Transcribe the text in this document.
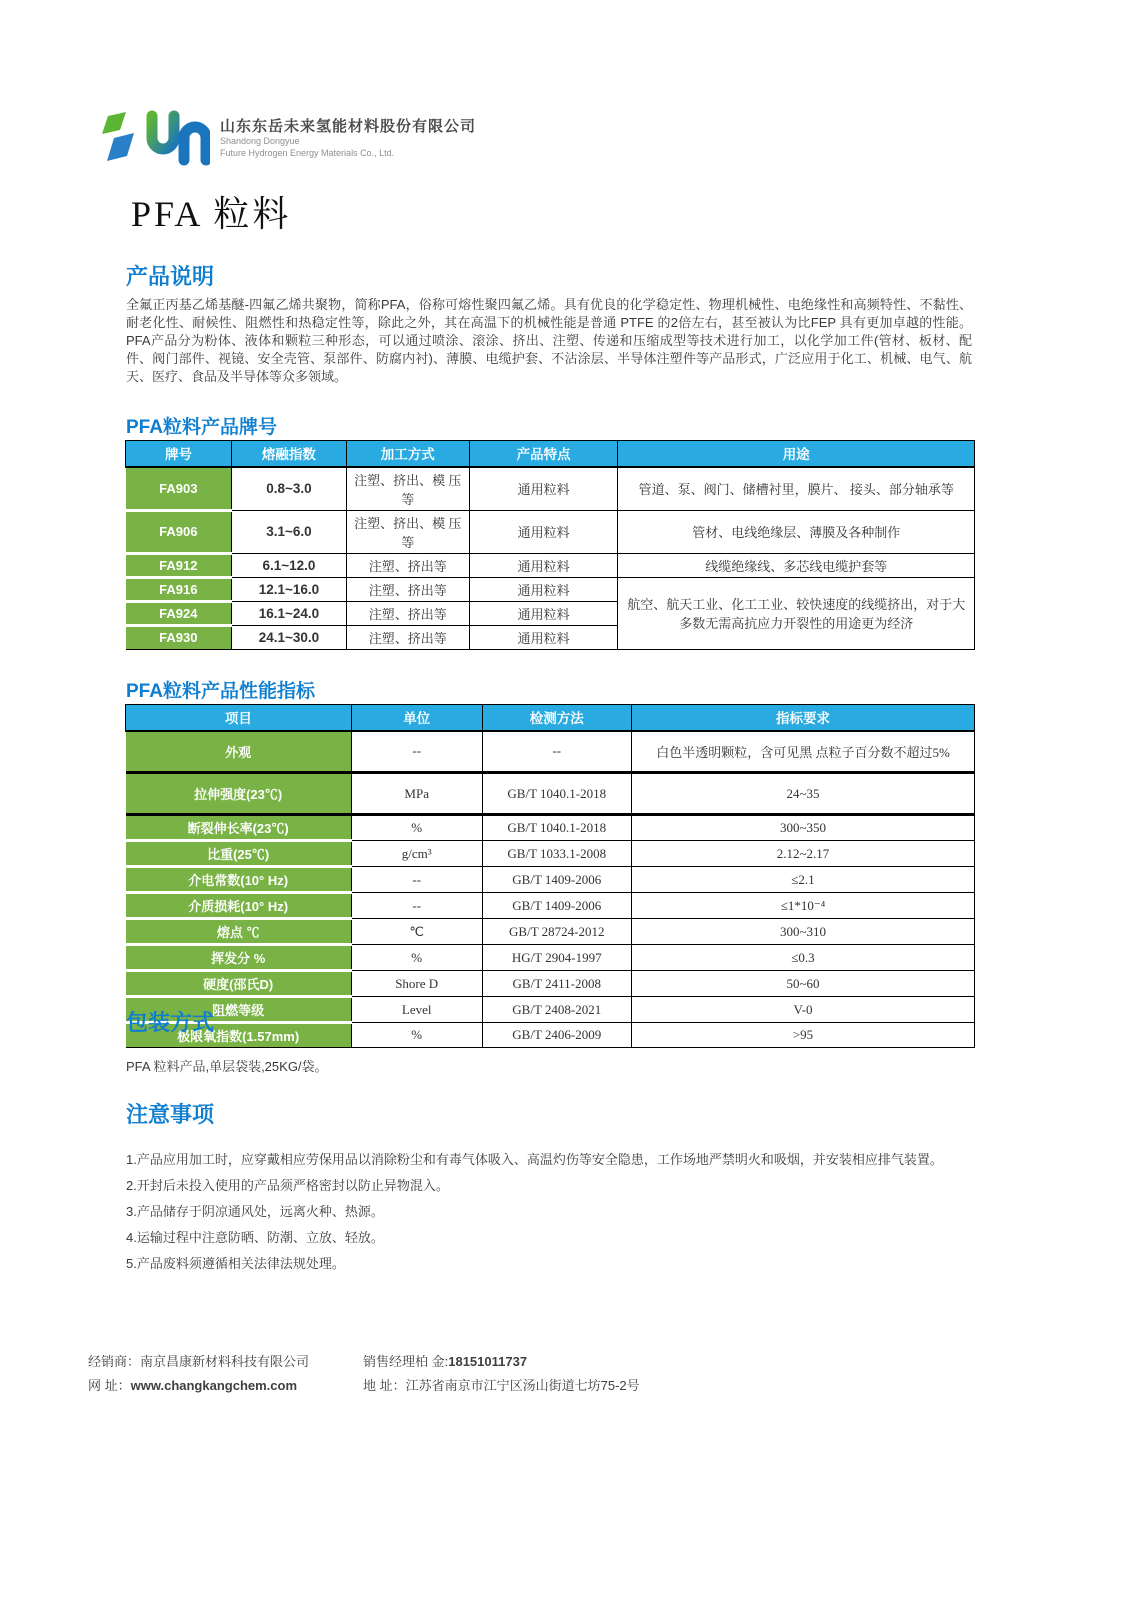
山东东岳未来氢能材料股份有限公司
Shandong Dongyue
Future Hydrogen Energy Materials Co., Ltd.
PFA 粒料
产品说明

全氟正丙基乙烯基醚-四氟乙烯共聚物，简称PFA，俗称可熔性聚四氟乙烯。具有优良的化学稳定性、物理机械性、电绝缘性和高频特性、不黏性、耐老化性、耐候性、阻燃性和热稳定性等，除此之外，其在高温下的机械性能是普通 PTFE 的2倍左右，甚至被认为比FEP 具有更加卓越的性能。PFA产品分为粉体、液体和颗粒三种形态，可以通过喷涂、滚涂、挤出、注塑、传递和压缩成型等技术进行加工，以化学加工件(管材、板材、配件、阀门部件、视镜、安全壳管、泵部件、防腐内衬)、薄膜、电缆护套、不沾涂层、半导体注塑件等产品形式，广泛应用于化工、机械、电气、航天、医疗、食品及半导体等众多领域。

PFA粒料产品牌号
牌号	熔融指数	加工方式	产品特点	用途
FA903	0.8~3.0	注塑、挤出、模 压 等	通用粒料	管道、泵、阀门、储槽衬里，膜片、 接头、部分轴承等
FA906	3.1~6.0	注塑、挤出、模 压 等	通用粒料	管材、电线绝缘层、薄膜及各种制作
FA912	6.1~12.0	注塑、挤出等	通用粒料	线缆绝缘线、多芯线电缆护套等
FA916	12.1~16.0	注塑、挤出等	通用粒料	航空、航天工业、化工工业、较快速度的线缆挤出，对于大多数无需高抗应力开裂性的用途更为经济
FA924	16.1~24.0	注塑、挤出等	通用粒料	
FA930	24.1~30.0	注塑、挤出等	通用粒料	
PFA粒料产品性能指标
项目	单位	检测方法	指标要求
外观	--	--	白色半透明颗粒，含可见黑 点粒子百分数不超过5%
拉伸强度(23℃)	MPa	GB/T 1040.1-2018	24~35
断裂伸长率(23℃)	%	GB/T 1040.1-2018	300~350
比重(25℃)	g/cm³	GB/T 1033.1-2008	2.12~2.17
介电常数(10° Hz)	--	GB/T 1409-2006	≤2.1
介质损耗(10° Hz)	--	GB/T 1409-2006	≤1*10⁻⁴
熔点 ℃	℃	GB/T 28724-2012	300~310
挥发分 %	%	HG/T 2904-1997	≤0.3
硬度(邵氏D)	Shore D	GB/T 2411-2008	50~60
阻燃等级	Level	GB/T 2408-2021	V-0
极限氧指数(1.57mm)	%	GB/T 2406-2009	>95
包装方式

PFA 粒料产品,单层袋装,25KG/袋。

注意事项
1.产品应用加工时，应穿戴相应劳保用品以消除粉尘和有毒气体吸入、高温灼伤等安全隐患，工作场地严禁明火和吸烟，并安装相应排气装置。
2.开封后未投入使用的产品须严格密封以防止异物混入。
3.产品储存于阴凉通风处，远离火种、热源。
4.运输过程中注意防晒、防潮、立放、轻放。
5.产品废料须遵循相关法律法规处理。
经销商：南京昌康新材料科技有限公司
网 址：www.changkangchem.com
销售经理柏 金:18151011737
地 址：江苏省南京市江宁区汤山街道七坊75-2号
